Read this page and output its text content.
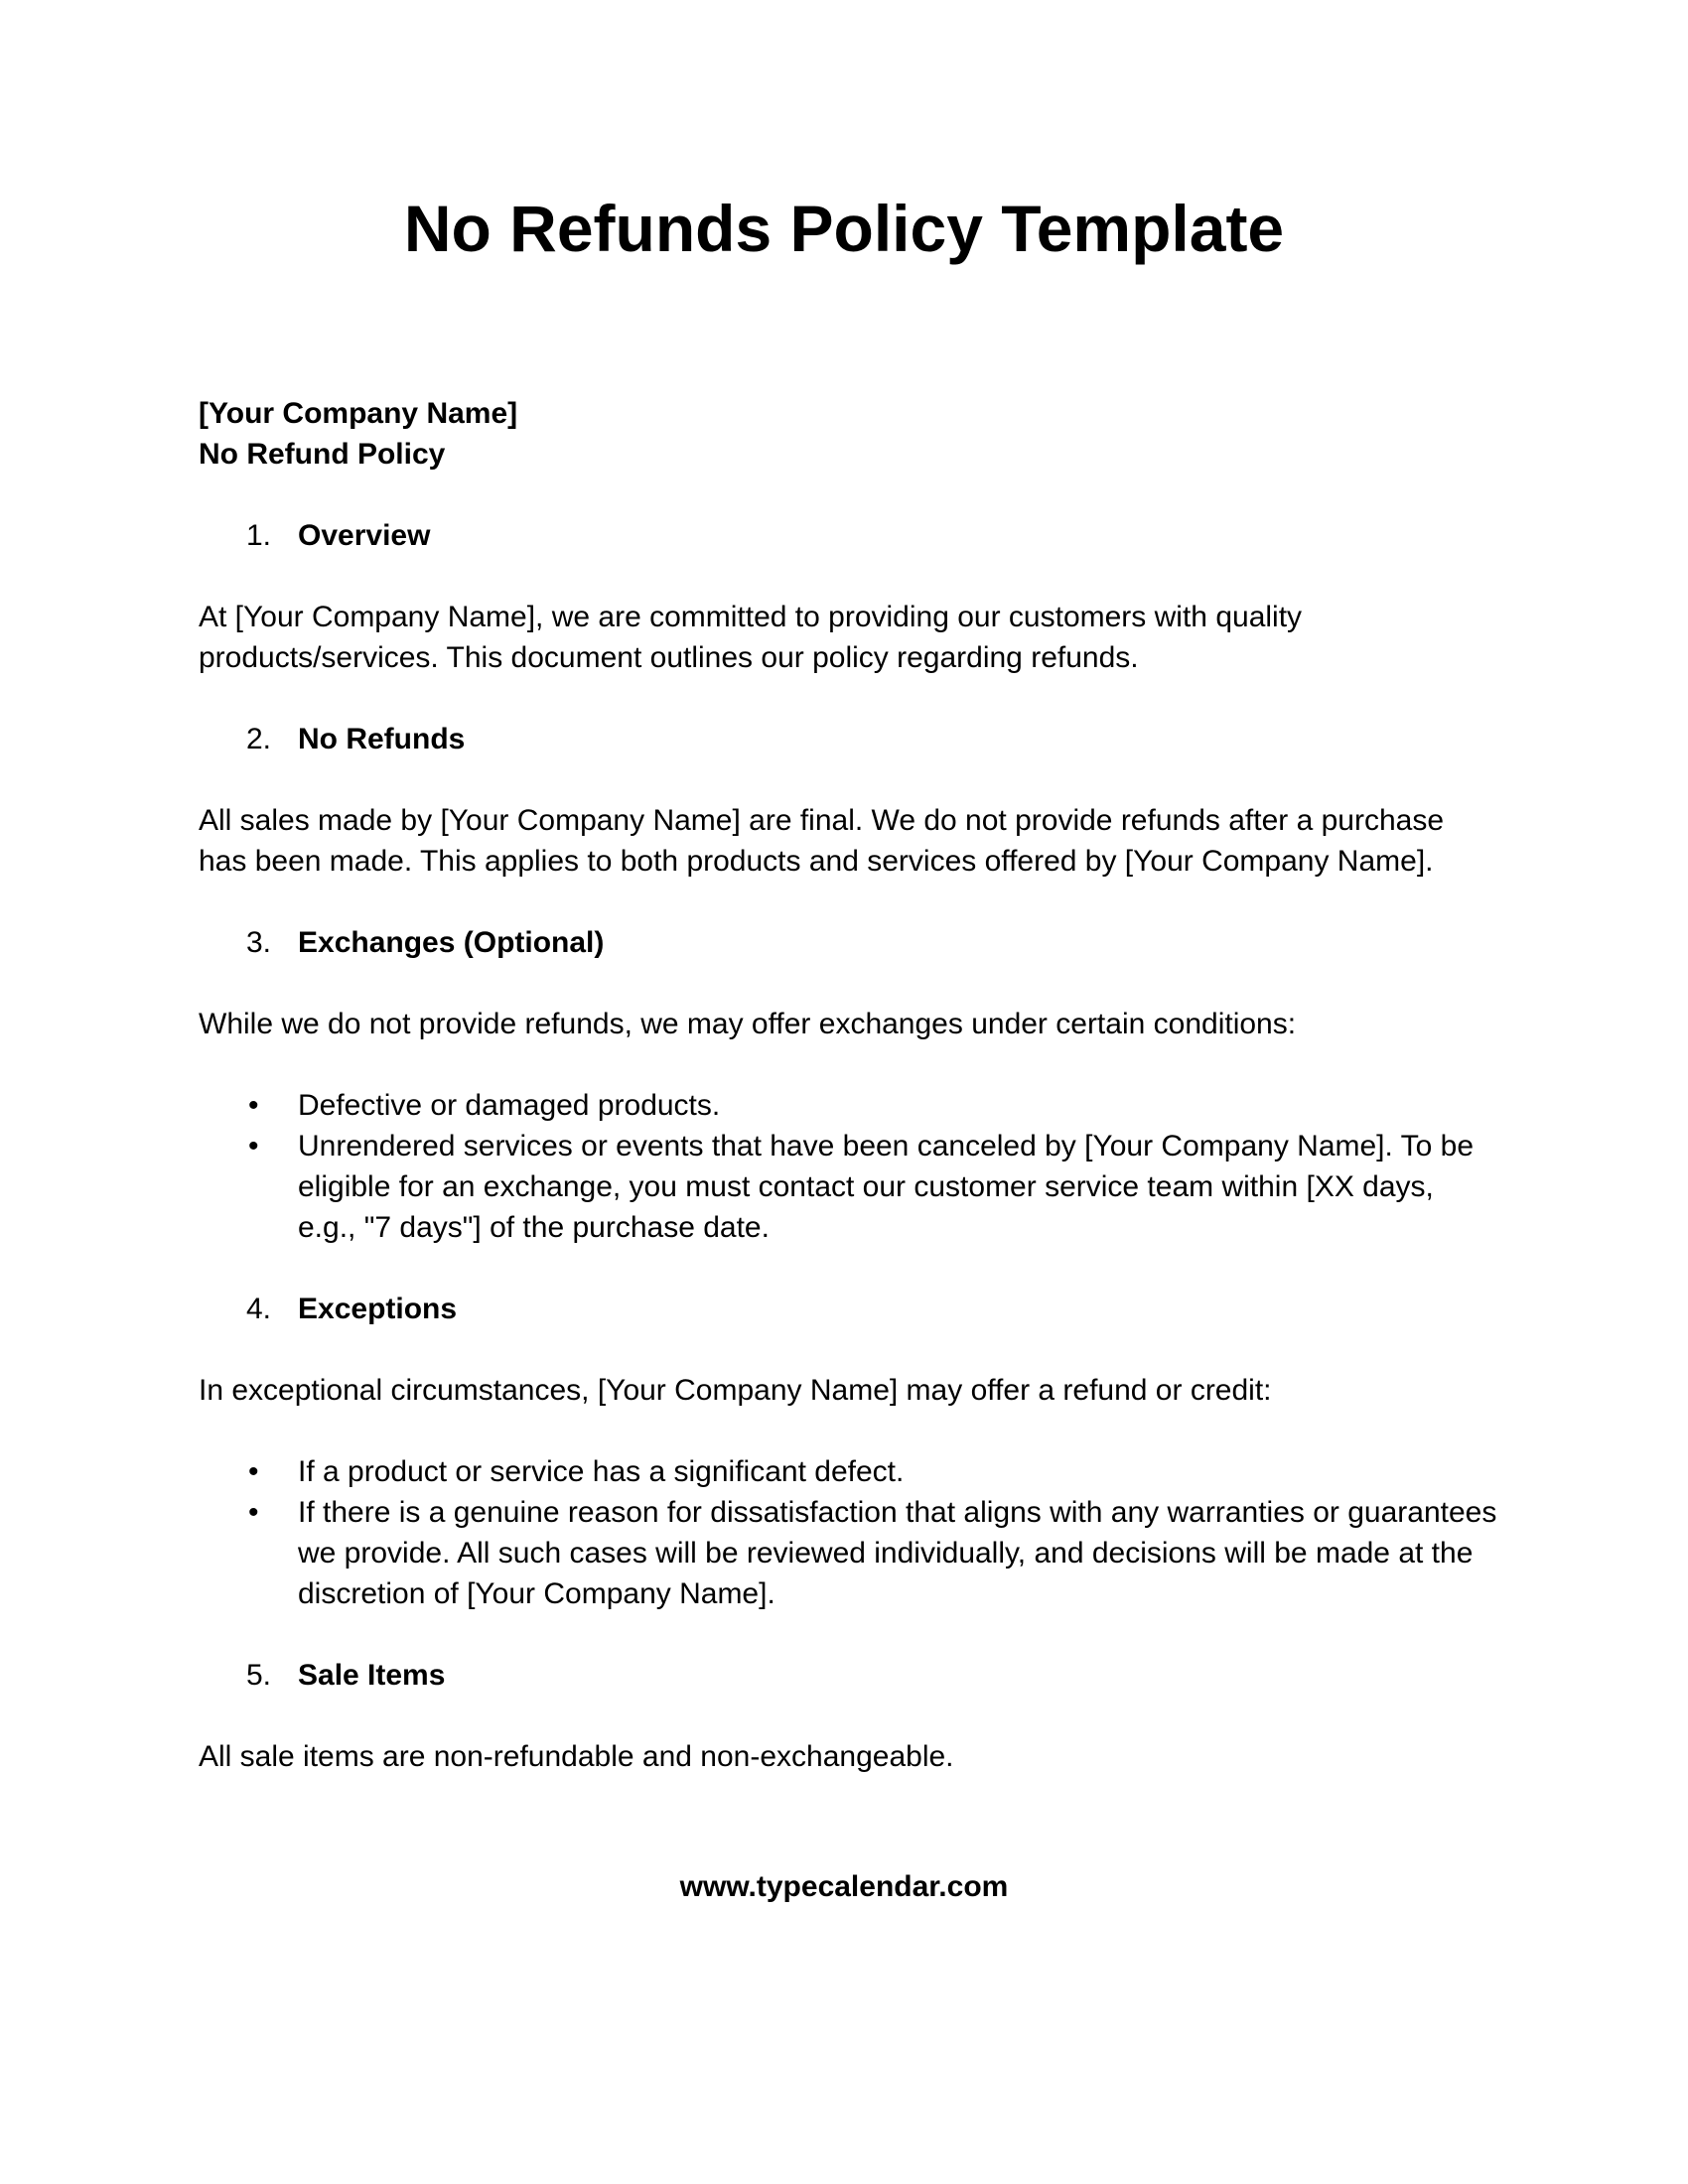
No Refunds Policy Template

[Your Company Name]

No Refund Policy

1. Overview

At [Your Company Name], we are committed to providing our customers with quality products/services. This document outlines our policy regarding refunds.

2. No Refunds

All sales made by [Your Company Name] are final. We do not provide refunds after a purchase has been made. This applies to both products and services offered by [Your Company Name].

3. Exchanges (Optional)

While we do not provide refunds, we may offer exchanges under certain conditions:

•	Defective or damaged products.
•	Unrendered services or events that have been canceled by [Your Company Name]. To be eligible for an exchange, you must contact our customer service team within [XX days, e.g., "7 days"] of the purchase date.
4. Exceptions

In exceptional circumstances, [Your Company Name] may offer a refund or credit:

•	If a product or service has a significant defect.
•	If there is a genuine reason for dissatisfaction that aligns with any warranties or guarantees we provide. All such cases will be reviewed individually, and decisions will be made at the discretion of [Your Company Name].
5. Sale Items

All sale items are non-refundable and non-exchangeable.

www.typecalendar.com
